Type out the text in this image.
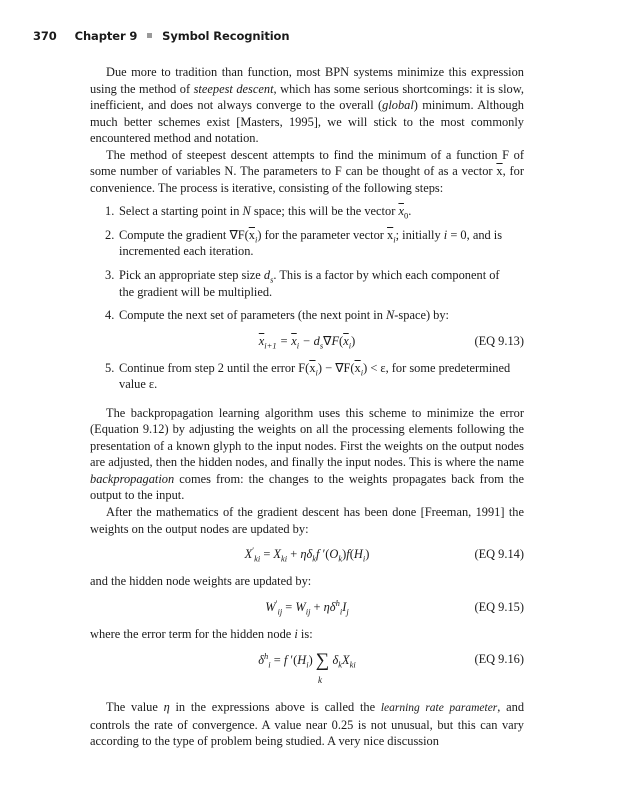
370 Chapter 9 Symbol Recognition

Due more to tradition than function, most BPN systems minimize this expression using the method of steepest descent, which has some serious shortcomings: it is slow, inefficient, and does not always converge to the overall (global) minimum. Although much better schemes exist [Masters, 1995], we will stick to the most commonly encountered method and notation.

The method of steepest descent attempts to find the minimum of a function F of some number of variables N. The parameters to F can be thought of as a vector $\overline{x}$, for convenience. The process is iterative, consisting of the following steps:

1. Select a starting point in N space; this will be the vector $\overline{x}_0$.
2. Compute the gradient $\nabla F(\overline{x}_i)$ for the parameter vector $\overline{x}_i$; initially i = 0, and is incremented each iteration.
3. Pick an appropriate step size $d_s$. This is a factor by which each component of the gradient will be multiplied.
4. Compute the next set of parameters (the next point in N-space) by:
$\overline{x}_{i+1} = \overline{x}_i - d_s\nabla F(\overline{x}_i)$	(EQ 9.13)
5. Continue from step 2 until the error $F(\overline{x}_i) - \nabla F(\overline{x}_i) < \varepsilon$, for some predetermined value ε.

The backpropagation learning algorithm uses this scheme to minimize the error (Equation 9.12) by adjusting the weights on all the processing elements following the presentation of a known glyph to the input nodes. First the weights on the output nodes are adjusted, then the hidden nodes, and finally the input nodes. This is where the name backpropagation comes from: the changes to the weights propagates back from the output to the input.

After the mathematics of the gradient descent has been done [Freeman, 1991] the weights on the output nodes are updated by:

$X'_{ki} = X_{ki} + \eta\delta_kf$ $'(O_k)f(H_i)$	(EQ 9.14)

and the hidden node weights are updated by:

$W'_{ij} = W_{ij} + \eta\delta^h_iI_j$	(EQ 9.15)

where the error term for the hidden node i is:

$\delta^h_i = f$ $'(H_i)$ ∑ $\delta_kX_{ki}$
k
(EQ 9.16)

The value η in the expressions above is called the learning rate parameter, and controls the rate of convergence. A value near 0.25 is not unusual, but this can vary according to the type of problem being studied. A very nice discussion
